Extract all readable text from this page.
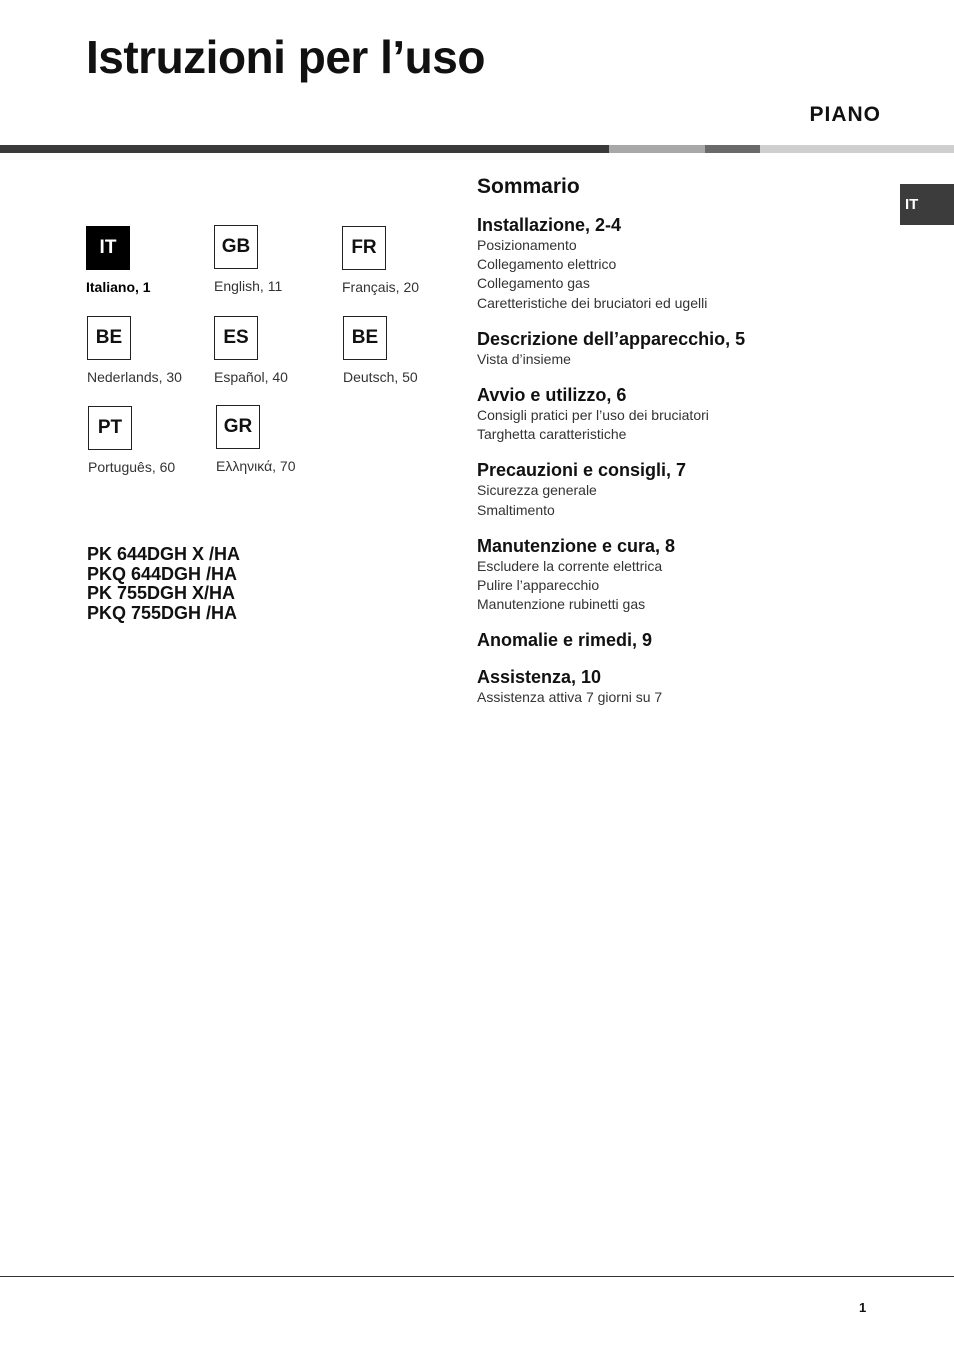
Istruzioni per l’uso
PIANO
IT
IT
Italiano, 1
GB
English, 11
FR
Français, 20
BE
Nederlands, 30
ES
Español, 40
BE
Deutsch, 50
PT
Português, 60
GR
Ελληνικά, 70
PK 644DGH X /HA
PKQ 644DGH /HA
PK 755DGH X/HA
PKQ 755DGH /HA
Sommario
Installazione, 2-4
Posizionamento
Collegamento elettrico
Collegamento gas
Caretteristiche dei bruciatori ed ugelli
Descrizione dell’apparecchio, 5
Vista d’insieme
Avvio e utilizzo, 6
Consigli pratici per l’uso dei bruciatori
Targhetta caratteristiche
Precauzioni e consigli, 7
Sicurezza generale
Smaltimento
Manutenzione e cura, 8
Escludere la corrente elettrica
Pulire l’apparecchio
Manutenzione rubinetti gas
Anomalie e rimedi, 9
Assistenza, 10
Assistenza attiva 7 giorni su 7
1
